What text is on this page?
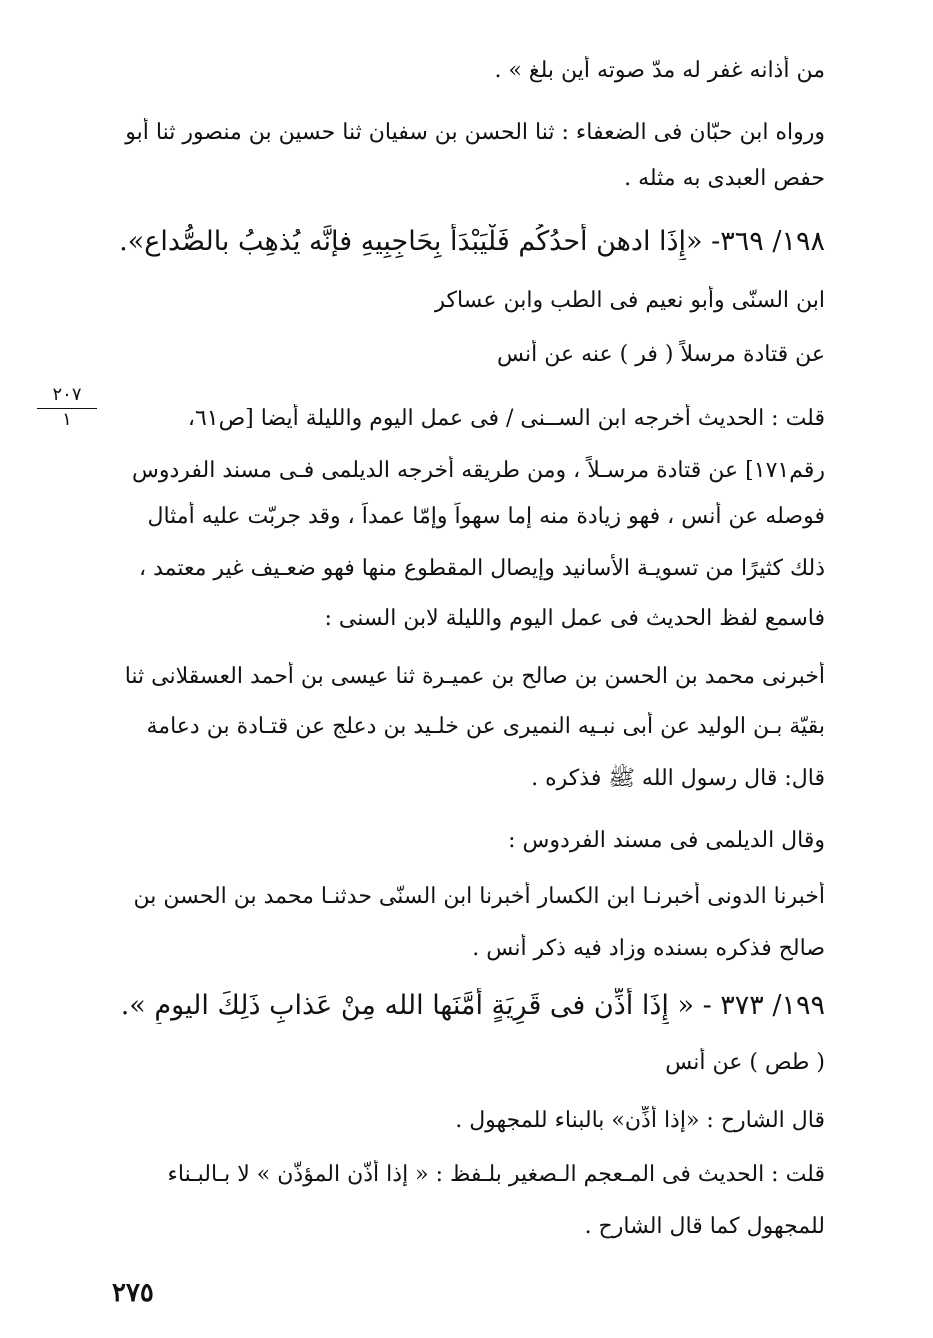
من أذانه غفر له مدّ صوته أين بلغ » .
ورواه ابن حبّان فى الضعفاء : ثنا الحسن بن سفيان ثنا حسين بن منصور ثنا أبو
حفص العبدى به مثله .
١٩٨/ ٣٦٩- «إِذَا ادهن أحدُكُم فَلْيَبْدَأ بِحَاجِبِيهِ فإنَّه يُذهِبُ بالصُّداع».
ابن السنّى وأبو نعيم فى الطب وابن عساكر
عن قتادة مرسلاً ( فر ) عنه عن أنس
٢٠٧
١	قلت : الحديث أخرجه ابن الســنى / فى عمل اليوم والليلة أيضا [ص٦١،
رقم١٧١] عن قتادة مرسـلاً ، ومن طريقه أخرجه الديلمى فـى مسند الفردوس
فوصله عن أنس ، فهو زيادة منه إما سهواً وإمّا عمداً ، وقد جربّت عليه أمثال
ذلك كثيرًا من تسويـة الأسانيد وإيصال المقطوع منها فهو ضعـيف غير معتمد ،
فاسمع لفظ الحديث فى عمل اليوم والليلة لابن السنى :
أخبرنى محمد بن الحسن بن صالح بن عميـرة ثنا عيسى بن أحمد العسقلانى ثنا
بقيّة بـن الوليد عن أبى نبـيه النميرى عن خلـيد بن دعلج عن قتـادة بن دعامة
قال: قال رسول الله ﷺ فذكره .
وقال الديلمى فى مسند الفردوس :
أخبرنا الدونى أخبرنـا ابن الكسار أخبرنا ابن السنّى حدثنـا محمد بن الحسن بن
صالح فذكره بسنده وزاد فيه ذكر أنس .
١٩٩/ ٣٧٣ - « إِذَا أُذِّن فى قَرِيَةٍ أمَّنَها الله مِنْ عَذابِ ذَلِكَ اليومِ ».
( طص ) عن أنس
قال الشارح : «إذا أُذِّن» بالبناء للمجهول .
قلت : الحديث فى المـعجم الـصغير بلـفظ : « إذا أذّن المؤذّن » لا بـالبـناء
للمجهول كما قال الشارح .
٢٧٥
